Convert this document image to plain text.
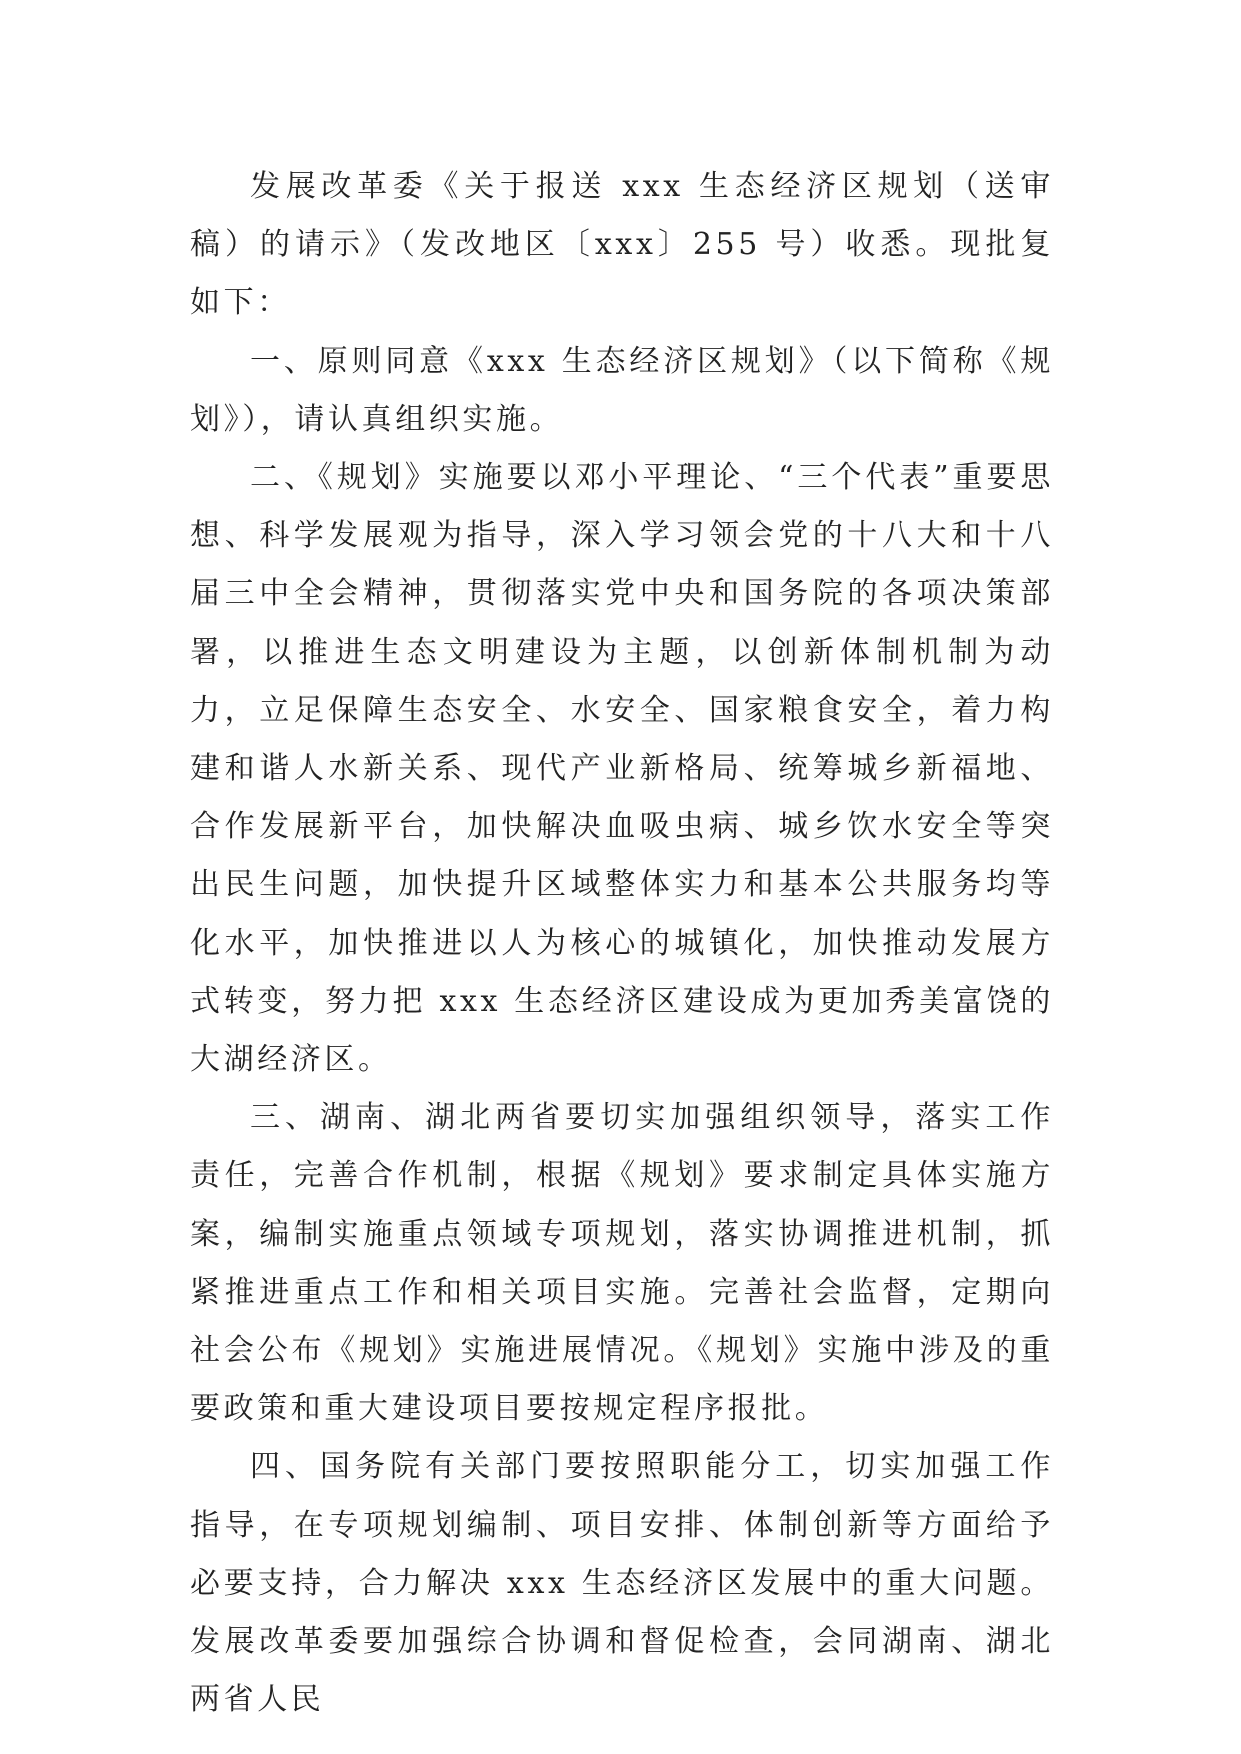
发展改革委《关于报送 xxx 生态经济区规划（送审稿）的请示》（发改地区〔xxx〕255 号）收悉。现批复如下：

一、原则同意《xxx 生态经济区规划》（以下简称《规划》），请认真组织实施。

二、《规划》实施要以邓小平理论、“三个代表”重要思想、科学发展观为指导，深入学习领会党的十八大和十八届三中全会精神，贯彻落实党中央和国务院的各项决策部署，以推进生态文明建设为主题，以创新体制机制为动力，立足保障生态安全、水安全、国家粮食安全，着力构建和谐人水新关系、现代产业新格局、统筹城乡新福地、合作发展新平台，加快解决血吸虫病、城乡饮水安全等突出民生问题，加快提升区域整体实力和基本公共服务均等化水平，加快推进以人为核心的城镇化，加快推动发展方式转变，努力把 xxx 生态经济区建设成为更加秀美富饶的大湖经济区。

三、湖南、湖北两省要切实加强组织领导，落实工作责任，完善合作机制，根据《规划》要求制定具体实施方案，编制实施重点领域专项规划，落实协调推进机制，抓紧推进重点工作和相关项目实施。完善社会监督，定期向社会公布《规划》实施进展情况。《规划》实施中涉及的重要政策和重大建设项目要按规定程序报批。

四、国务院有关部门要按照职能分工，切实加强工作指导，在专项规划编制、项目安排、体制创新等方面给予必要支持，合力解决 xxx 生态经济区发展中的重大问题。发展改革委要加强综合协调和督促检查，会同湖南、湖北两省人民
